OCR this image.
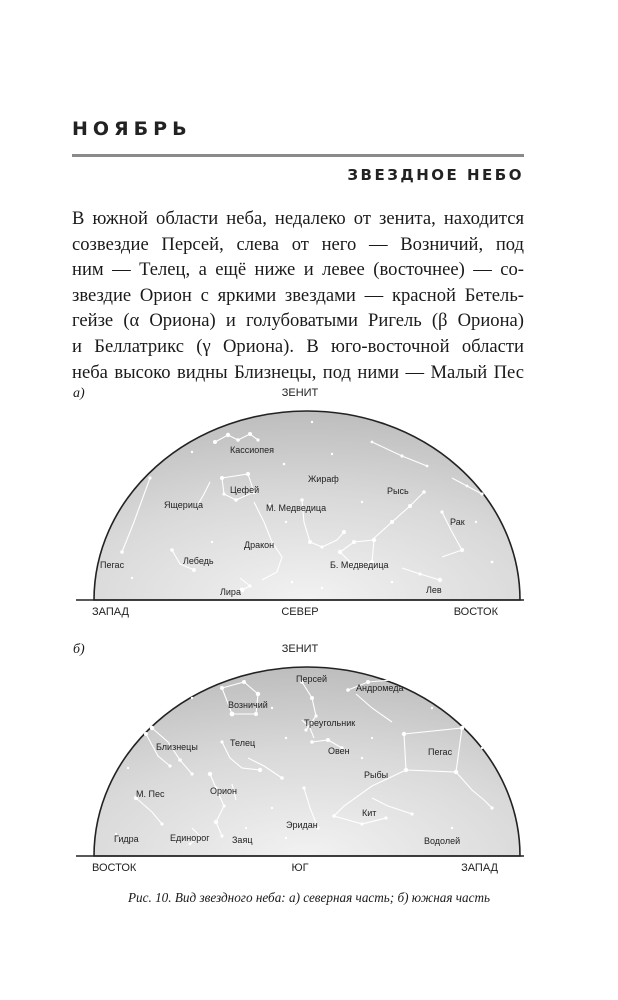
НОЯБРЬ
ЗВЕЗДНОЕ НЕБО
В южной области неба, недалеко от зенита, находится
созвездие Персей, слева от него — Возничий, под
ним — Телец, а ещё ниже и левее (восточнее) — со-
звездие Орион с яркими звездами — красной Бетель-
гейзе (α Ориона) и голубоватыми Ригель (β Ориона)
и Беллатрикс (γ Ориона). В юго-восточной области
неба высоко видны Близнецы, под ними — Малый Пес
а)	ЗЕНИТ
Кассиопея
Жираф
Цефей
Ящерица	М. Медведица
Рысь
Рак
Дракон
Пегас	Лебедь	Б. Медведица
Лира	Лев
ЗАПАД	СЕВЕР	ВОСТОК
б)	ЗЕНИТ
Персей
Андромеда
Возничий
Треугольник
Близнецы	Телец
Овен	Пегас
Рыбы
М. Пес	Орион
Кит
Эридан
Гидра	Единорог Заяц	Водолей
ВОСТОК	ЮГ	ЗАПАД
Рис. 10. Вид звездного неба: а) северная часть; б) южная часть
